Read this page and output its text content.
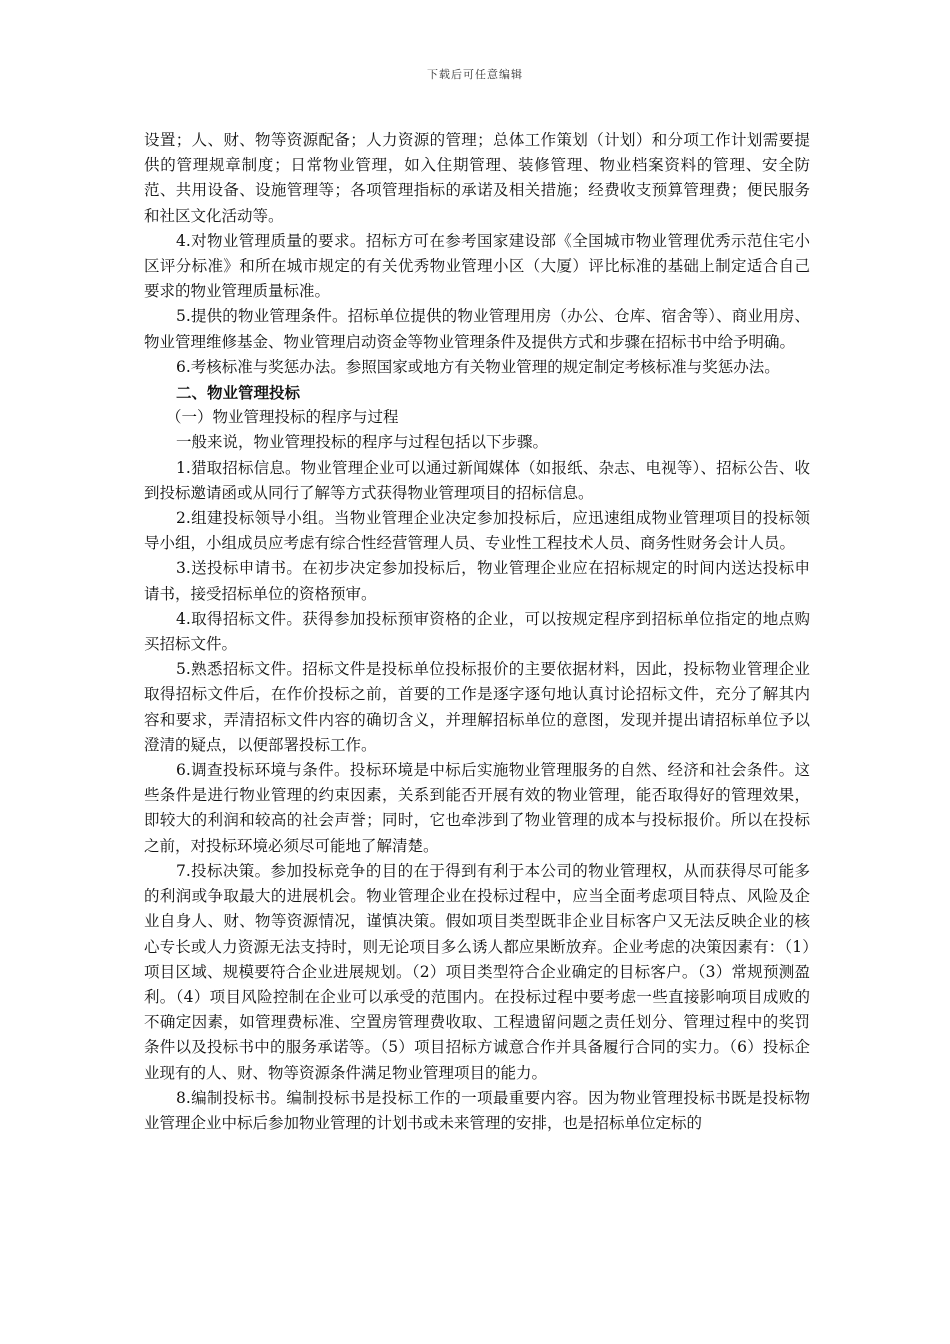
下载后可任意编辑

设置；人、财、物等资源配备；人力资源的管理；总体工作策划（计划）和分项工作计划需要提供的管理规章制度；日常物业管理，如入住期管理、装修管理、物业档案资料的管理、安全防范、共用设备、设施管理等；各项管理指标的承诺及相关措施；经费收支预算管理费；便民服务和社区文化活动等。

4.对物业管理质量的要求。招标方可在参考国家建设部《全国城市物业管理优秀示范住宅小区评分标准》和所在城市规定的有关优秀物业管理小区（大厦）评比标准的基础上制定适合自己要求的物业管理质量标准。

5.提供的物业管理条件。招标单位提供的物业管理用房（办公、仓库、宿舍等）、商业用房、物业管理维修基金、物业管理启动资金等物业管理条件及提供方式和步骤在招标书中给予明确。

6.考核标准与奖惩办法。参照国家或地方有关物业管理的规定制定考核标准与奖惩办法。

二、物业管理投标

（一）物业管理投标的程序与过程

一般来说，物业管理投标的程序与过程包括以下步骤。

1.猎取招标信息。物业管理企业可以通过新闻媒体（如报纸、杂志、电视等）、招标公告、收到投标邀请函或从同行了解等方式获得物业管理项目的招标信息。

2.组建投标领导小组。当物业管理企业决定参加投标后，应迅速组成物业管理项目的投标领导小组，小组成员应考虑有综合性经营管理人员、专业性工程技术人员、商务性财务会计人员。

3.送投标申请书。在初步决定参加投标后，物业管理企业应在招标规定的时间内送达投标申请书，接受招标单位的资格预审。

4.取得招标文件。获得参加投标预审资格的企业，可以按规定程序到招标单位指定的地点购买招标文件。

5.熟悉招标文件。招标文件是投标单位投标报价的主要依据材料，因此，投标物业管理企业取得招标文件后，在作价投标之前，首要的工作是逐字逐句地认真讨论招标文件，充分了解其内容和要求，弄清招标文件内容的确切含义，并理解招标单位的意图，发现并提出请招标单位予以澄清的疑点，以便部署投标工作。

6.调查投标环境与条件。投标环境是中标后实施物业管理服务的自然、经济和社会条件。这些条件是进行物业管理的约束因素，关系到能否开展有效的物业管理，能否取得好的管理效果，即较大的利润和较高的社会声誉；同时，它也牵涉到了物业管理的成本与投标报价。所以在投标之前，对投标环境必须尽可能地了解清楚。

7.投标决策。参加投标竞争的目的在于得到有利于本公司的物业管理权，从而获得尽可能多的利润或争取最大的进展机会。物业管理企业在投标过程中，应当全面考虑项目特点、风险及企业自身人、财、物等资源情况，谨慎决策。假如项目类型既非企业目标客户又无法反映企业的核心专长或人力资源无法支持时，则无论项目多么诱人都应果断放弃。企业考虑的决策因素有：（1）项目区域、规模要符合企业进展规划。（2）项目类型符合企业确定的目标客户。（3）常规预测盈利。（4）项目风险控制在企业可以承受的范围内。在投标过程中要考虑一些直接影响项目成败的不确定因素，如管理费标准、空置房管理费收取、工程遗留问题之责任划分、管理过程中的奖罚条件以及投标书中的服务承诺等。（5）项目招标方诚意合作并具备履行合同的实力。（6）投标企业现有的人、财、物等资源条件满足物业管理项目的能力。

8.编制投标书。编制投标书是投标工作的一项最重要内容。因为物业管理投标书既是投标物业管理企业中标后参加物业管理的计划书或未来管理的安排，也是招标单位定标的
